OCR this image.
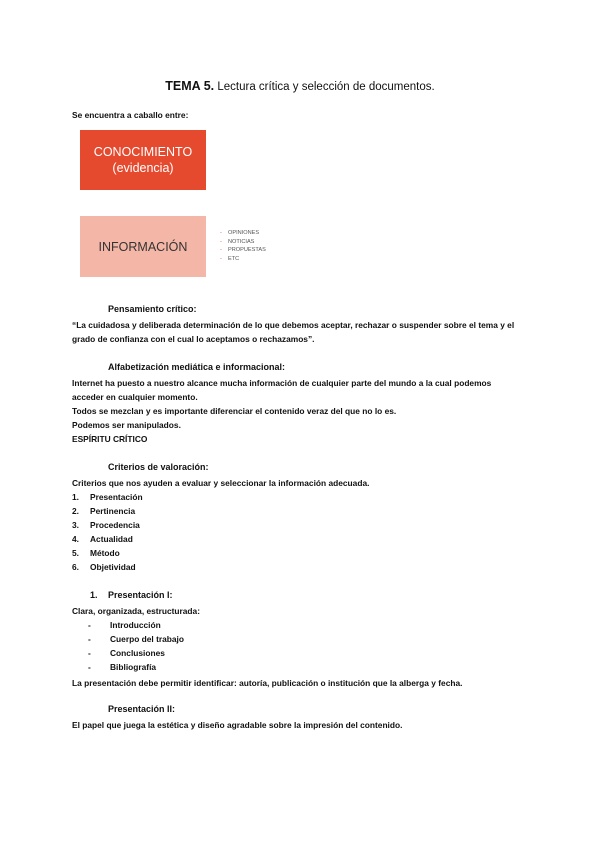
TEMA 5. Lectura crítica y selección de documentos.
Se encuentra a caballo entre:
CONOCIMIENTO
(evidencia)
INFORMACIÓN
- OPINIONES
- NOTICIAS
- PROPUESTAS
- ETC
Pensamiento crítico:
“La cuidadosa y deliberada determinación de lo que debemos aceptar, rechazar o suspender sobre el tema y el
grado de confianza con el cual lo aceptamos o rechazamos”.
Alfabetización mediática e informacional:
Internet ha puesto a nuestro alcance mucha información de cualquier parte del mundo a la cual podemos
acceder en cualquier momento.
Todos se mezclan y es importante diferenciar el contenido veraz del que no lo es.
Podemos ser manipulados.
ESPÍRITU CRÍTICO
Criterios de valoración:
Criterios que nos ayuden a evaluar y seleccionar la información adecuada.
1. Presentación
2. Pertinencia
3. Procedencia
4. Actualidad
5. Método
6. Objetividad
1. Presentación I:
Clara, organizada, estructurada:
- Introducción
- Cuerpo del trabajo
- Conclusiones
- Bibliografía
La presentación debe permitir identificar: autoría, publicación o institución que la alberga y fecha.
Presentación II:
El papel que juega la estética y diseño agradable sobre la impresión del contenido.
